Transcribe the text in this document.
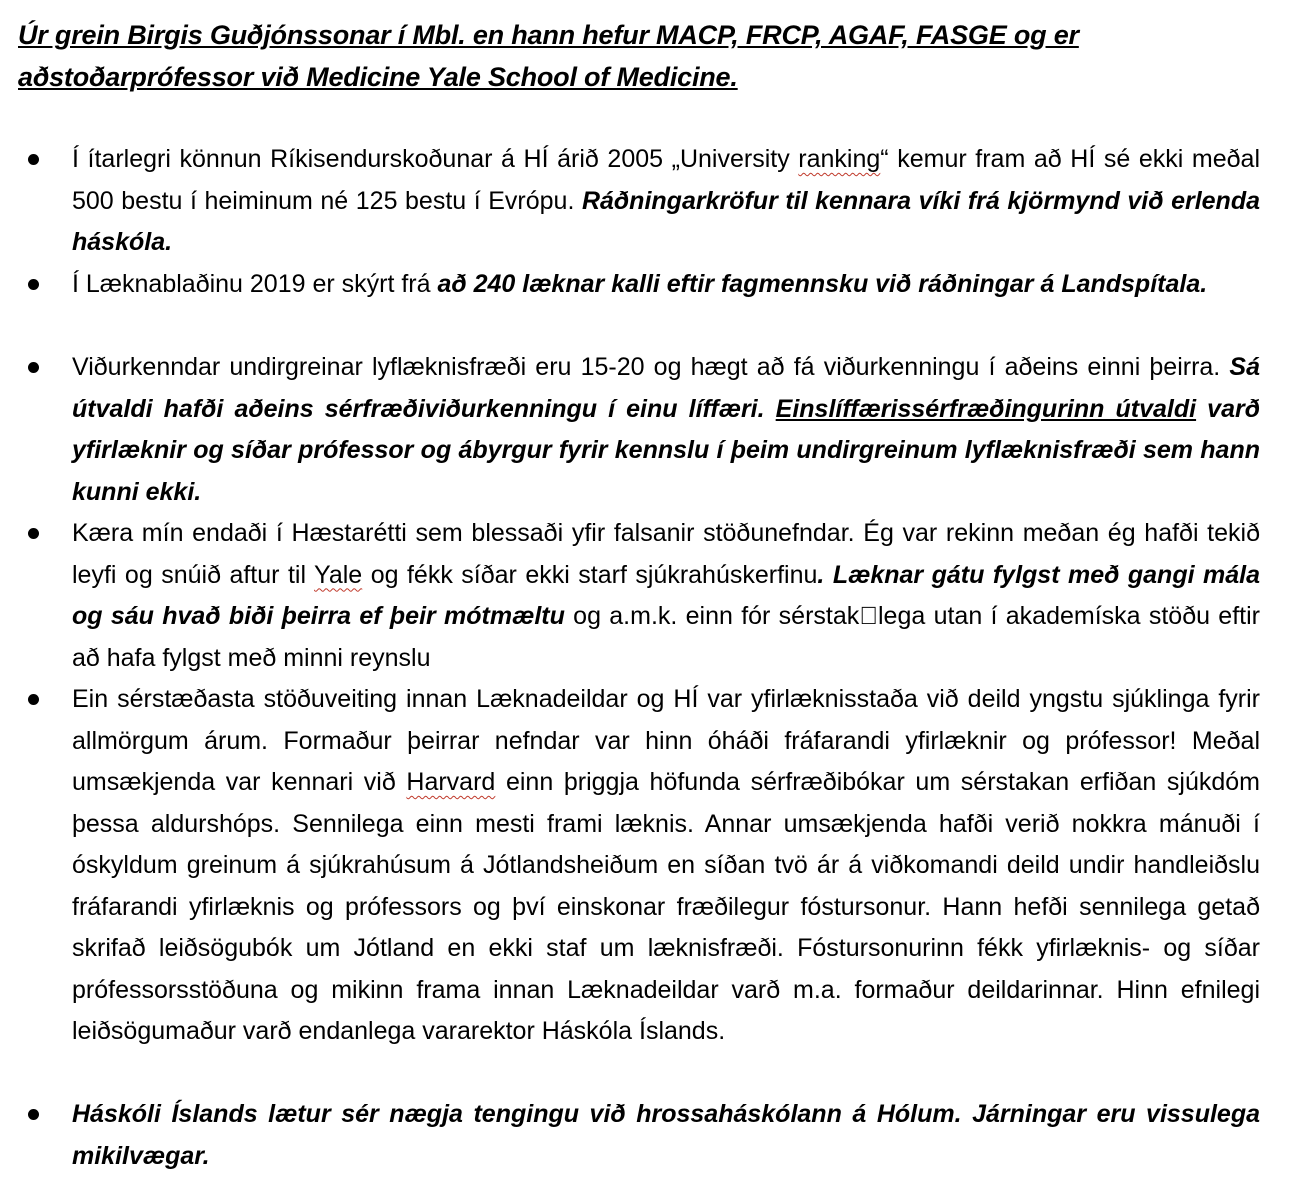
Úr grein Birgis Guðjónssonar í Mbl. en hann hefur MACP, FRCP, AGAF, FASGE og er
aðstoðarprófessor við Medicine Yale School of Medicine.
Í ítarlegri könnun Ríkisendurskoðunar á HÍ árið 2005 „University ranking“ kemur fram að HÍ sé ekki meðal 500 bestu í heiminum né 125 bestu í Evrópu. Ráðningarkröfur til kennara víki frá kjörmynd við erlenda háskóla.
Í Læknablaðinu 2019 er skýrt frá að 240 læknar kalli eftir fagmennsku við ráðningar á Landspítala.
Viðurkenndar undirgreinar lyflæknisfræði eru 15-20 og hægt að fá viðurkenningu í aðeins einni þeirra. Sá útvaldi hafði aðeins sérfræðiviðurkenningu í einu líffæri. Einslíffærissérfræðingurinn útvaldi varð yfirlæknir og síðar prófessor og ábyrgur fyrir kennslu í þeim undirgreinum lyflæknisfræði sem hann kunni ekki.
Kæra mín endaði í Hæstarétti sem blessaði yfir falsanir stöðunefndar. Ég var rekinn meðan ég hafði tekið leyfi og snúið aftur til Yale og fékk síðar ekki starf sjúkrahúskerfinu. Læknar gátu fylgst með gangi mála og sáu hvað biði þeirra ef þeir mótmæltu og a.m.k. einn fór sérstak lega utan í akademíska stöðu eftir að hafa fylgst með minni reynslu
Ein sérstæðasta stöðuveiting innan Læknadeildar og HÍ var yfirlæknisstaða við deild yngstu sjúklinga fyrir allmörgum árum. Formaður þeirrar nefndar var hinn óháði fráfarandi yfirlæknir og prófessor! Meðal umsækjenda var kennari við Harvard einn þriggja höfunda sérfræðibókar um sérstakan erfiðan sjúkdóm þessa aldurshóps. Sennilega einn mesti frami læknis. Annar umsækjenda hafði verið nokkra mánuði í óskyldum greinum á sjúkrahúsum á Jótlandsheiðum en síðan tvö ár á viðkomandi deild undir handleiðslu fráfarandi yfirlæknis og prófessors og því einskonar fræðilegur fóstursonur. Hann hefði sennilega getað skrifað leiðsögubók um Jótland en ekki staf um læknisfræði. Fóstursonurinn fékk yfirlæknis- og síðar prófessorsstöðuna og mikinn frama innan Læknadeildar varð m.a. formaður deildarinnar. Hinn efnilegi leiðsögumaður varð endanlega vararektor Háskóla Íslands.
Háskóli Íslands lætur sér nægja tengingu við hrossaháskólann á Hólum. Járningar eru vissulega mikilvægar.
